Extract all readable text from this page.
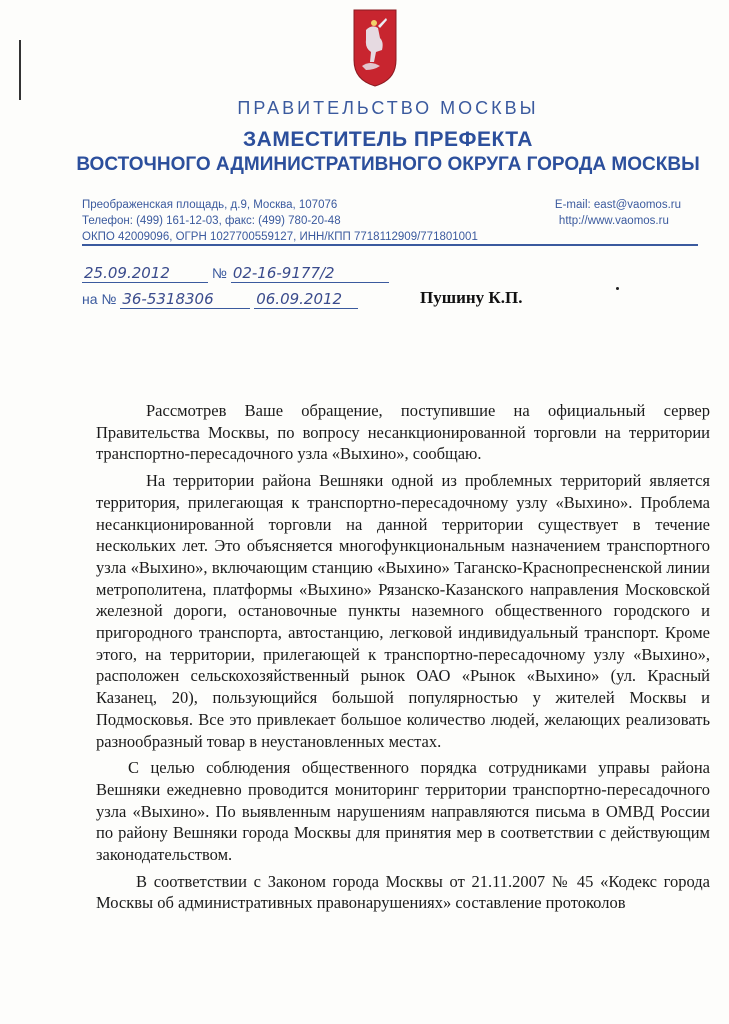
ПРАВИТЕЛЬСТВО МОСКВЫ
ЗАМЕСТИТЕЛЬ ПРЕФЕКТА
ВОСТОЧНОГО АДМИНИСТРАТИВНОГО ОКРУГА ГОРОДА МОСКВЫ
Преображенская площадь, д.9, Москва, 107076
Телефон: (499) 161-12-03, факс: (499) 780-20-48
ОКПО 42009096, ОГРН 1027700559127, ИНН/КПП 7718112909/771801001
E-mail: east@vaomos.ru
http://www.vaomos.ru
25.09.2012	№ 02-16-9177/2
на № 36-5318306	06.09.2012	Пушину К.П.

Рассмотрев Ваше обращение, поступившие на официальный сервер Правительства Москвы, по вопросу несанкционированной торговли на территории транспортно-пересадочного узла «Выхино», сообщаю.

На территории района Вешняки одной из проблемных территорий является территория, прилегающая к транспортно-пересадочному узлу «Выхино». Проблема несанкционированной торговли на данной территории существует в течение нескольких лет. Это объясняется многофункциональным назначением транспортного узла «Выхино», включающим станцию «Выхино» Таганско-Краснопресненской линии метрополитена, платформы «Выхино» Рязанско-Казанского направления Московской железной дороги, остановочные пункты наземного общественного городского и пригородного транспорта, автостанцию, легковой индивидуальный транспорт. Кроме этого, на территории, прилегающей к транспортно-пересадочному узлу «Выхино», расположен сельскохозяйственный рынок ОАО «Рынок «Выхино» (ул. Красный Казанец, 20), пользующийся большой популярностью у жителей Москвы и Подмосковья. Все это привлекает большое количество людей, желающих реализовать разнообразный товар в неустановленных местах.

С целью соблюдения общественного порядка сотрудниками управы района Вешняки ежедневно проводится мониторинг территории транспортно-пересадочного узла «Выхино». По выявленным нарушениям направляются письма в ОМВД России по району Вешняки города Москвы для принятия мер в соответствии с действующим законодательством.

В соответствии с Законом города Москвы от 21.11.2007 № 45 «Кодекс города Москвы об административных правонарушениях» составление протоколов
